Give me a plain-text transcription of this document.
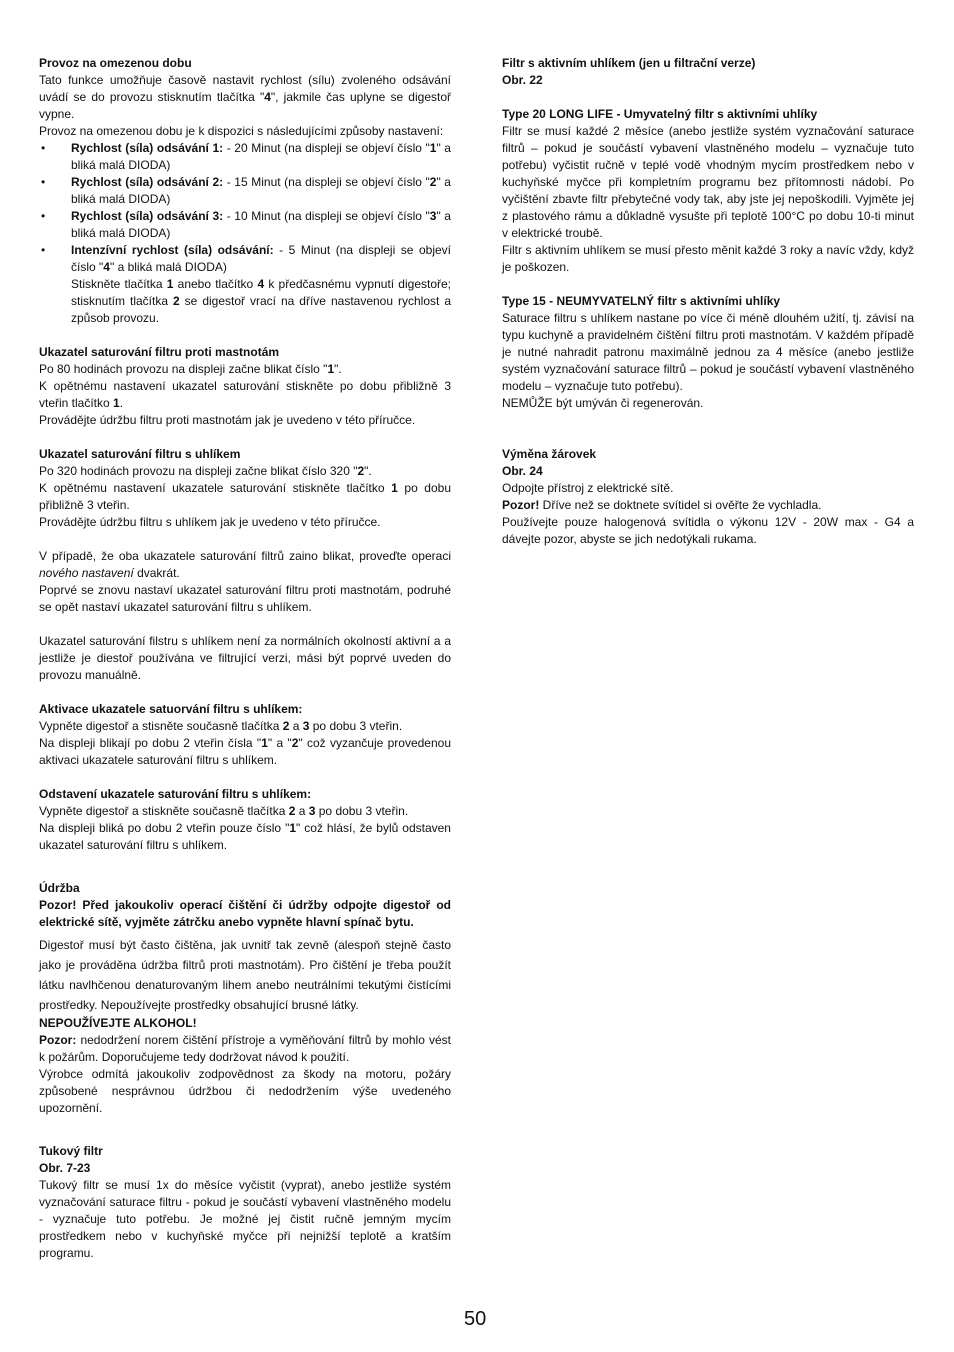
Provoz na omezenou dobu

Tato funkce umožňuje časově nastavit rychlost (sílu) zvoleného odsávání uvádí se do provozu stisknutím tlačítka "4", jakmile čas uplyne se digestoř vypne.

Provoz na omezenou dobu je k dispozici s následujícími způsoby nastavení:

• Rychlost (síla) odsávání 1: - 20 Minut (na displeji se objeví číslo "1" a bliká malá DIODA)
• Rychlost (síla) odsávání 2: - 15 Minut (na displeji se objeví číslo "2" a bliká malá DIODA)
• Rychlost (síla) odsávání 3: - 10 Minut (na displeji se objeví číslo "3" a bliká malá DIODA)
• Intenzívní rychlost (síla) odsávání: - 5 Minut (na displeji se objeví číslo "4" a bliká malá DIODA)

Stiskněte tlačítka 1 anebo tlačítko 4 k předčasnému vypnutí digestoře; stisknutím tlačítka 2 se digestoř vrací na dříve nastavenou rychlost a způsob provozu.

Ukazatel saturování filtru proti mastnotám

Po 80 hodinách provozu na displeji začne blikat číslo "1".

K opětnému nastavení ukazatel saturování stiskněte po dobu přibližně 3 vteřin tlačítko 1.

Provádějte údržbu filtru proti mastnotám jak je uvedeno v této příručce.

Ukazatel saturování filtru s uhlíkem

Po 320 hodinách provozu na displeji začne blikat číslo 320 "2".

K opětnému nastavení ukazatele saturování stiskněte tlačítko 1 po dobu přibližně 3 vteřin.

Provádějte údržbu filtru s uhlíkem jak je uvedeno v této příručce.

V případě, že oba ukazatele saturování filtrů zaino blikat, proveďte operaci nového nastavení dvakrát.

Poprvé se znovu nastaví ukazatel saturování filtru proti mastnotám, podruhé se opět nastaví ukazatel saturování filtru s uhlíkem.

Ukazatel saturování filstru s uhlíkem není za normálních okolností aktivní a a jestliže je diestoř používána ve filtrující verzi, mási být poprvé uveden do provozu manuálně.

Aktivace ukazatele satuorvání filtru s uhlíkem:

Vypněte digestoř a stisněte současně tlačítka 2 a 3 po dobu 3 vteřin.

Na displeji blikají po dobu 2 vteřin čísla "1" a "2" což vyzančuje provedenou aktivaci ukazatele saturování filtru s uhlíkem.

Odstavení ukazatele saturování filtru s uhlíkem:

Vypněte digestoř a stiskněte současně tlačítka 2 a 3 po dobu 3 vteřin.

Na displeji bliká po dobu 2 vteřin pouze číslo "1" což hlásí, že bylů odstaven ukazatel saturování filtru s uhlíkem.

Údržba

Pozor! Před jakoukoliv operací čištění či údržby odpojte digestoř od elektrické sítě, vyjměte zátrčku anebo vypněte hlavní spínač bytu.

Digestoř musí být často čištěna, jak uvnitř tak zevně (alespoň stejně často jako je prováděna údržba filtrů proti mastnotám). Pro čištění je třeba použít látku navlhčenou denaturovaným lihem anebo neutrálními tekutými čistícími prostředky. Nepoužívejte prostředky obsahující brusné látky.

NEPOUŽÍVEJTE ALKOHOL!

Pozor: nedodržení norem čištění přístroje a vyměňování filtrů by mohlo vést k požárům. Doporučujeme tedy dodržovat návod k použití.

Výrobce odmítá jakoukoliv zodpovědnost za škody na motoru, požáry způsobené nesprávnou údržbou či nedodržením výše uvedeného upozornění.

Tukový filtr

Obr. 7-23

Tukový filtr se musí 1x do měsíce vyčistit (vyprat), anebo jestliže systém vyznačování saturace filtru - pokud je součástí vybavení vlastněného modelu - vyznačuje tuto potřebu. Je možné jej čistit ručně jemným mycím prostředkem nebo v kuchyňské myčce při nejnižší teplotě a kratším programu.

Filtr s aktivním uhlíkem (jen u filtrační verze)

Obr. 22

Type 20 LONG LIFE - Umyvatelný filtr s aktivními uhlíky

Filtr se musí každé 2 měsíce (anebo jestliže systém vyznačování saturace filtrů – pokud je součástí vybavení vlastněného modelu – vyznačuje tuto potřebu) vyčistit ručně v teplé vodě vhodným mycím prostředkem nebo v kuchyňské myčce při kompletním programu bez přítomnosti nádobí. Po vyčištění zbavte filtr přebytečné vody tak, aby jste jej nepoškodili. Vyjměte jej z plastového rámu a důkladně vysušte při teplotě 100°C po dobu 10-ti minut v elektrické troubě.

Filtr s aktivním uhlíkem se musí přesto měnit každé 3 roky a navíc vždy, když je poškozen.

Type 15 - NEUMYVATELNÝ filtr s aktivními uhlíky

Saturace filtru s uhlíkem nastane po více či méně dlouhém užití, tj. závisí na typu kuchyně a pravidelném čištění filtru proti mastnotám. V každém případě je nutné nahradit patronu maximálně jednou za 4 měsíce (anebo jestliže systém vyznačování saturace filtrů – pokud je součástí vybavení vlastněného modelu – vyznačuje tuto potřebu).

NEMŮŽE být umýván či regenerován.

Výměna žárovek

Obr. 24

Odpojte přístroj z elektrické sítě.

Pozor! Dříve než se doktnete svítidel si ověřte že vychladla.

Používejte pouze halogenová svítidla o výkonu 12V - 20W max - G4 a dávejte pozor, abyste se jich nedotýkali rukama.

50
